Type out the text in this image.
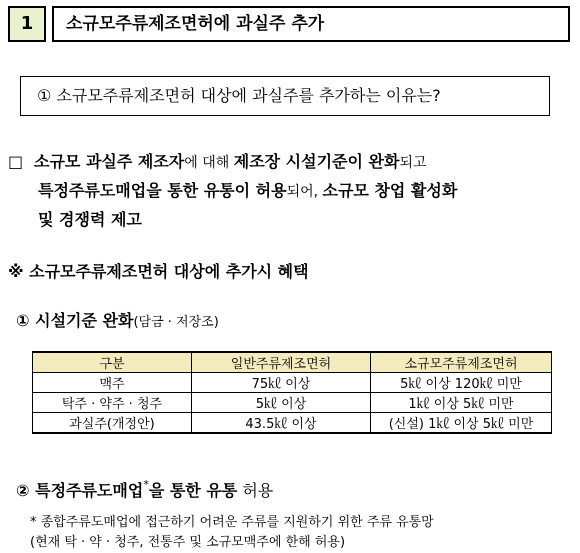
1	소규모주류제조면허에 과실주 추가
① 소규모주류제조면허 대상에 과실주를 추가하는 이유는?
□ 소규모 과실주 제조자에 대해 제조장 시설기준이 완화되고
특정주류도매업을 통한 유통이 허용되어, 소규모 창업 활성화
및 경쟁력 제고
※ 소규모주류제조면허 대상에 추가시 혜택
① 시설기준 완화(담금 · 저장조)
구분	일반주류제조면허	소규모주류제조면허
맥주	75㎘ 이상	5㎘ 이상 120㎘ 미만
탁주 · 약주 · 청주	5㎘ 이상	1㎘ 이상 5㎘ 미만
과실주(개정안)	43.5㎘ 이상	(신설) 1㎘ 이상 5㎘ 미만
② 특정주류도매업*을 통한 유통 허용
* 종합주류도매업에 접근하기 어려운 주류를 지원하기 위한 주류 유통망
(현재 탁 · 약 · 청주, 전통주 및 소규모맥주에 한해 허용)
